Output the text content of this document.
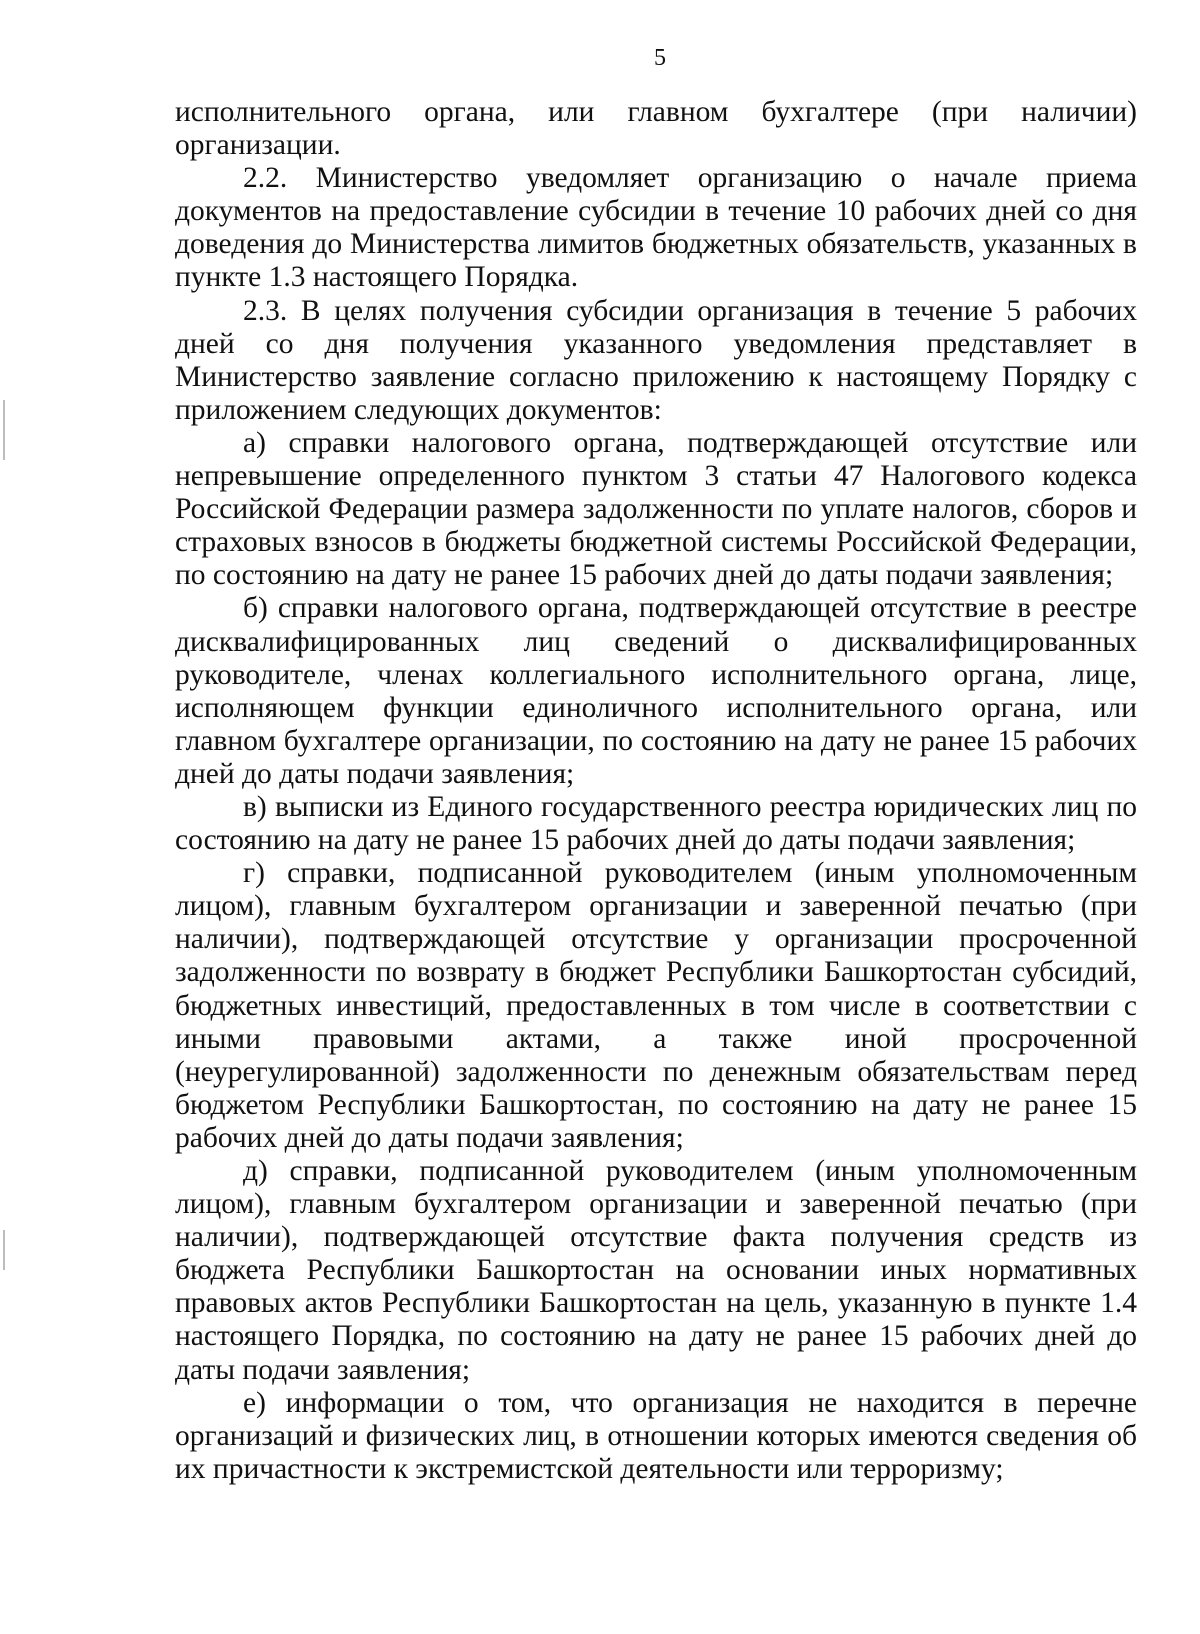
5

исполнительного органа, или главном бухгалтере (при наличии) организации.

2.2. Министерство уведомляет организацию о начале приема документов на предоставление субсидии в течение 10 рабочих дней со дня доведения до Министерства лимитов бюджетных обязательств, указанных в пункте 1.3 настоящего Порядка.

2.3. В целях получения субсидии организация в течение 5 рабочих дней со дня получения указанного уведомления представляет в Министерство заявление согласно приложению к настоящему Порядку с приложением следующих документов:

а) справки налогового органа, подтверждающей отсутствие или непревышение определенного пунктом 3 статьи 47 Налогового кодекса Российской Федерации размера задолженности по уплате налогов, сборов и страховых взносов в бюджеты бюджетной системы Российской Федерации, по состоянию на дату не ранее 15 рабочих дней до даты подачи заявления;

б) справки налогового органа, подтверждающей отсутствие в реестре дисквалифицированных лиц сведений о дисквалифицированных руководителе, членах коллегиального исполнительного органа, лице, исполняющем функции единоличного исполнительного органа, или главном бухгалтере организации, по состоянию на дату не ранее 15 рабочих дней до даты подачи заявления;

в) выписки из Единого государственного реестра юридических лиц по состоянию на дату не ранее 15 рабочих дней до даты подачи заявления;

г) справки, подписанной руководителем (иным уполномоченным лицом), главным бухгалтером организации и заверенной печатью (при наличии), подтверждающей отсутствие у организации просроченной задолженности по возврату в бюджет Республики Башкортостан субсидий, бюджетных инвестиций, предоставленных в том числе в соответствии с иными правовыми актами, а также иной просроченной (неурегулированной) задолженности по денежным обязательствам перед бюджетом Республики Башкортостан, по состоянию на дату не ранее 15 рабочих дней до даты подачи заявления;

д) справки, подписанной руководителем (иным уполномоченным лицом), главным бухгалтером организации и заверенной печатью (при наличии), подтверждающей отсутствие факта получения средств из бюджета Республики Башкортостан на основании иных нормативных правовых актов Республики Башкортостан на цель, указанную в пункте 1.4 настоящего Порядка, по состоянию на дату не ранее 15 рабочих дней до даты подачи заявления;

е) информации о том, что организация не находится в перечне организаций и физических лиц, в отношении которых имеются сведения об их причастности к экстремистской деятельности или терроризму;
